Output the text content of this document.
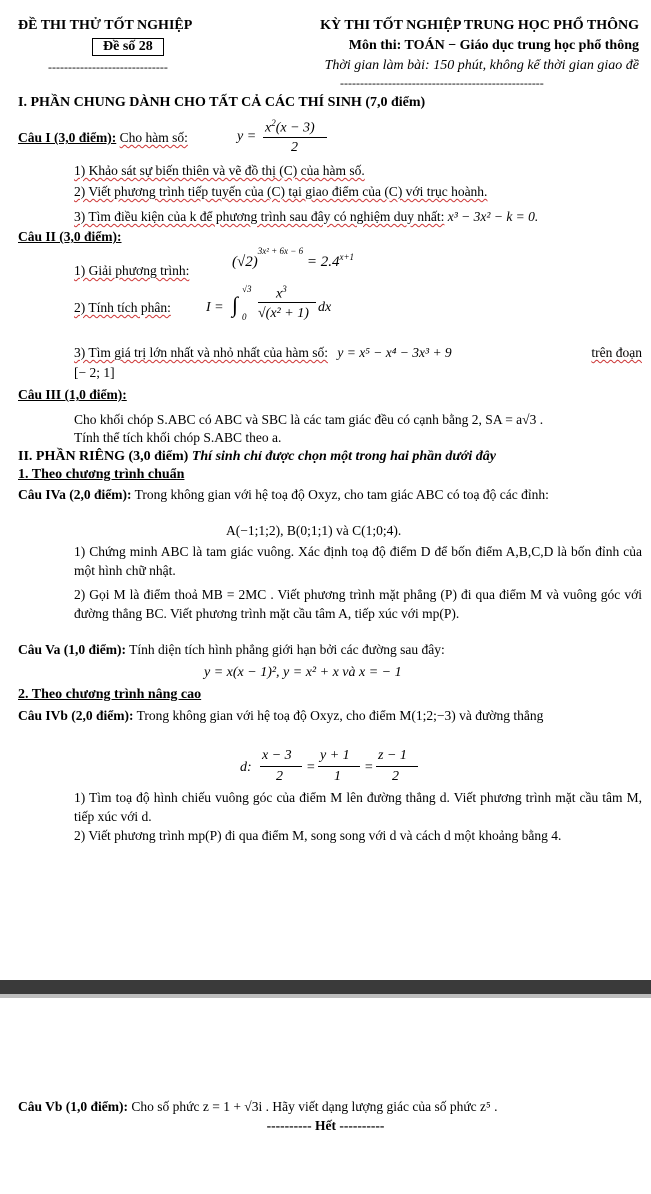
ĐỀ THI THỬ TỐT NGHIỆP
Đề số 28
------------------------------
KỲ THI TỐT NGHIỆP TRUNG HỌC PHỔ THÔNG
Môn thi: TOÁN − Giáo dục trung học phổ thông
Thời gian làm bài: 150 phút, không kể thời gian giao đề
---------------------------------------------------
I. PHẦN CHUNG DÀNH CHO TẤT CẢ CÁC THÍ SINH (7,0 điểm)
Câu I (3,0 điểm): Cho hàm số:	y =
$x^2(x - 3)$
2
1) Khảo sát sự biến thiên và vẽ đồ thị (C) của hàm số.
2) Viết phương trình tiếp tuyến của (C) tại giao điểm của (C) với trục hoành.
3) Tìm điều kiện của k để phương trình sau đây có nghiệm duy nhất: x³ − 3x² − k = 0.
Câu II (3,0 điểm):
1) Giải phương trình:
$(√2)^{3x^2 + 6x - 6} = 2.4^{x+1}$
2) Tính tích phân:	I = ∫
√3
0
$x^3$
√(x² + 1) dx
3) Tìm giá trị lớn nhất và nhỏ nhất của hàm số: y = x⁵ − x⁴ − 3x³ + 9	trên đoạn
[− 2; 1]
Câu III (1,0 điểm):
Cho khối chóp S.ABC có ABC và SBC là các tam giác đều có cạnh bằng 2, SA = a√3 .
Tính thể tích khối chóp S.ABC theo a.
II. PHẦN RIÊNG (3,0 điểm) Thí sinh chỉ được chọn một trong hai phần dưới đây
1. Theo chương trình chuẩn
Câu IVa (2,0 điểm): Trong không gian với hệ toạ độ Oxyz, cho tam giác ABC có toạ độ các đỉnh:
A(−1;1;2), B(0;1;1) và C(1;0;4).
1) Chứng minh ABC là tam giác vuông. Xác định toạ độ điểm D để bốn điểm A,B,C,D là bốn đỉnh của một hình chữ nhật.
2) Gọi M là điểm thoả MB = 2MC . Viết phương trình mặt phẳng (P) đi qua điểm M và vuông góc với đường thẳng BC. Viết phương trình mặt cầu tâm A, tiếp xúc với mp(P).
Câu Va (1,0 điểm): Tính diện tích hình phẳng giới hạn bởi các đường sau đây:
y = x(x − 1)², y = x² + x và x = − 1
2. Theo chương trình nâng cao
Câu IVb (2,0 điểm): Trong không gian với hệ toạ độ Oxyz, cho điểm M(1;2;−3) và đường thẳng
d:
x − 3
2
=
y + 1
1
=
z − 1
2
1) Tìm toạ độ hình chiếu vuông góc của điểm M lên đường thẳng d. Viết phương trình mặt cầu tâm M, tiếp xúc với d.
2) Viết phương trình mp(P) đi qua điểm M, song song với d và cách d một khoảng bằng 4.
Câu Vb (1,0 điểm): Cho số phức z = 1 + √3i . Hãy viết dạng lượng giác của số phức z⁵ .
---------- Hết ----------
